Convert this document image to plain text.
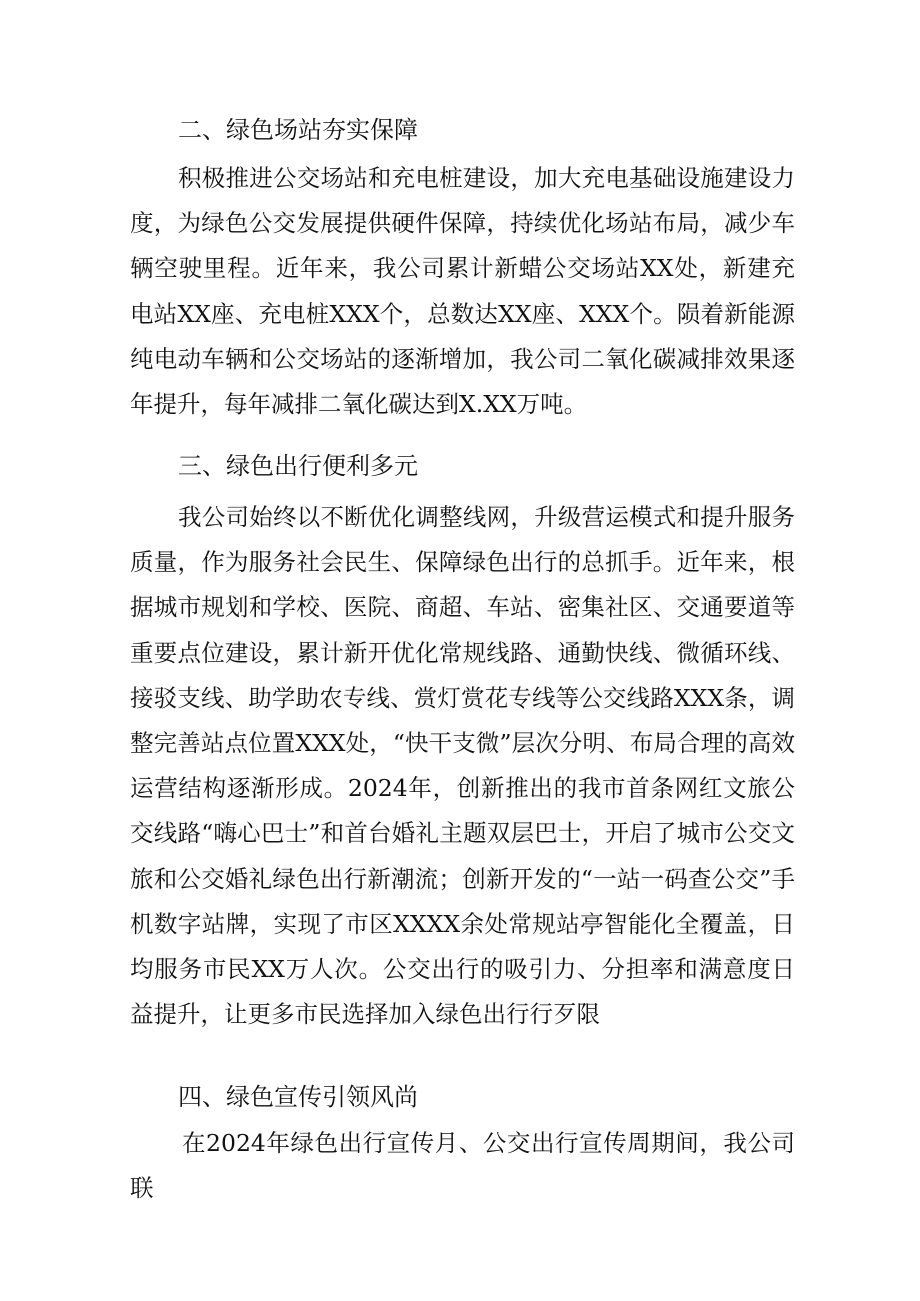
二、绿色场站夯实保障

积极推进公交场站和充电桩建设，加大充电基础设施建设力度，为绿色公交发展提供硬件保障，持续优化场站布局，减少车辆空驶里程。近年来，我公司累计新蜡公交场站XX处，新建充电站XX座、充电桩XXX个，总数达XX座、XXX个。陨着新能源纯电动车辆和公交场站的逐渐增加，我公司二氧化碳减排效果逐年提升，每年减排二氧化碳达到X.XX万吨。

三、绿色出行便利多元

我公司始终以不断优化调整线网，升级营运模式和提升服务质量，作为服务社会民生、保障绿色出行的总抓手。近年来，根据城市规划和学校、医院、商超、车站、密集社区、交通要道等重要点位建设，累计新开优化常规线路、通勤快线、微循环线、接驳支线、助学助农专线、赏灯赏花专线等公交线路XXX条，调整完善站点位置XXX处，“快干支微”层次分明、布局合理的高效运营结构逐渐形成。2024年，创新推出的我市首条网红文旅公交线路“嗨心巴士”和首台婚礼主题双层巴士，开启了城市公交文旅和公交婚礼绿色出行新潮流；创新开发的“一站一码查公交”手机数字站牌，实现了市区XXXX余处常规站亭智能化全覆盖，日均服务市民XX万人次。公交出行的吸引力、分担率和满意度日益提升，让更多市民选择加入绿色出行行歹限

四、绿色宣传引领风尚

在2024年绿色出行宣传月、公交出行宣传周期间，我公司联
